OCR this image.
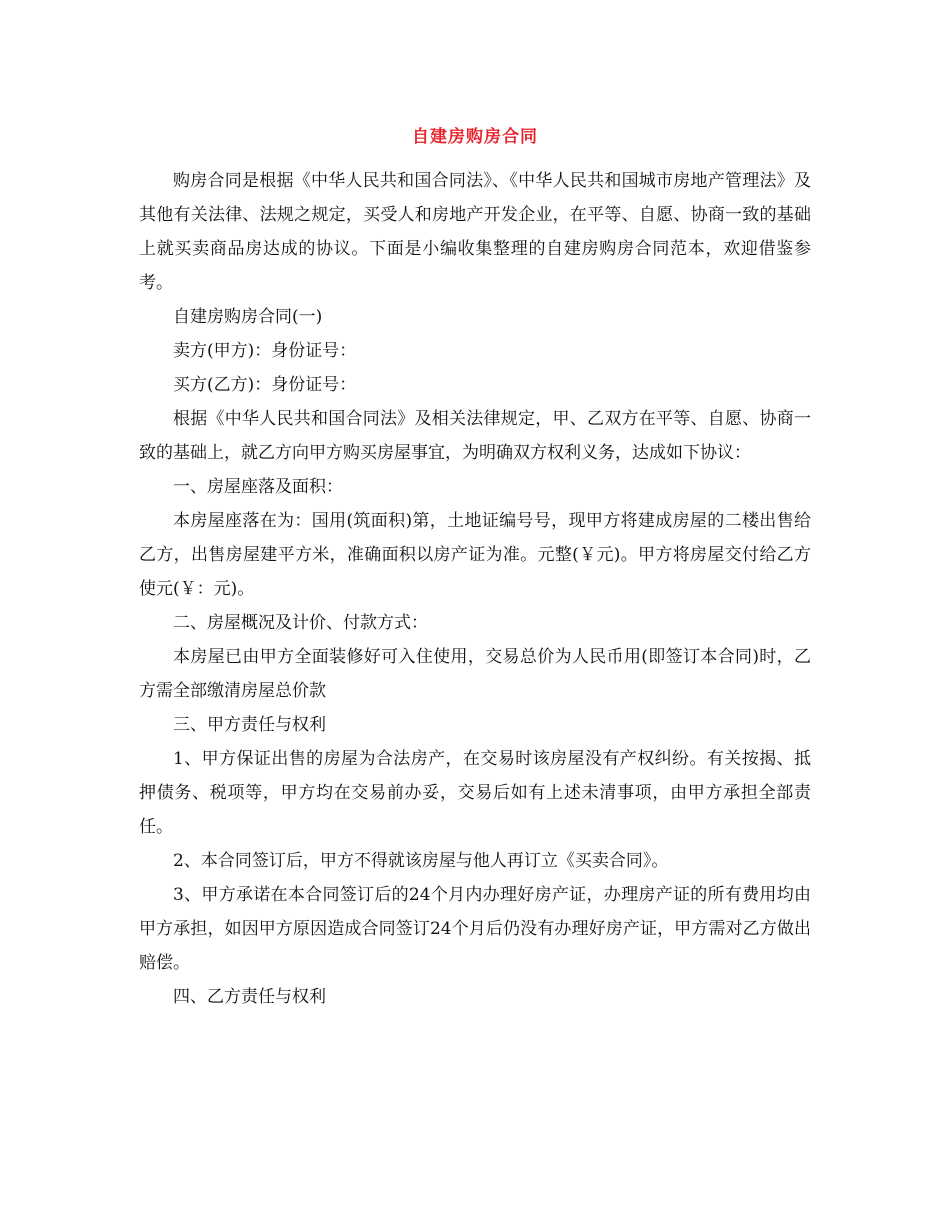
自建房购房合同

购房合同是根据《中华人民共和国合同法》、《中华人民共和国城市房地产管理法》及其他有关法律、法规之规定，买受人和房地产开发企业，在平等、自愿、协商一致的基础上就买卖商品房达成的协议。下面是小编收集整理的自建房购房合同范本，欢迎借鉴参考。

自建房购房合同(一)

卖方(甲方)：身份证号：

买方(乙方)：身份证号：

根据《中华人民共和国合同法》及相关法律规定，甲、乙双方在平等、自愿、协商一致的基础上，就乙方向甲方购买房屋事宜，为明确双方权利义务，达成如下协议：

一、房屋座落及面积：

本房屋座落在为：国用(筑面积)第，土地证编号号，现甲方将建成房屋的二楼出售给乙方，出售房屋建平方米，准确面积以房产证为准。元整(￥元)。甲方将房屋交付给乙方使元(￥：元)。

二、房屋概况及计价、付款方式：

本房屋已由甲方全面装修好可入住使用，交易总价为人民币用(即签订本合同)时，乙方需全部缴清房屋总价款

三、甲方责任与权利

1、甲方保证出售的房屋为合法房产，在交易时该房屋没有产权纠纷。有关按揭、抵押债务、税项等，甲方均在交易前办妥，交易后如有上述未清事项，由甲方承担全部责任。

2、本合同签订后，甲方不得就该房屋与他人再订立《买卖合同》。

3、甲方承诺在本合同签订后的24个月内办理好房产证，办理房产证的所有费用均由甲方承担，如因甲方原因造成合同签订24个月后仍没有办理好房产证，甲方需对乙方做出赔偿。

四、乙方责任与权利
